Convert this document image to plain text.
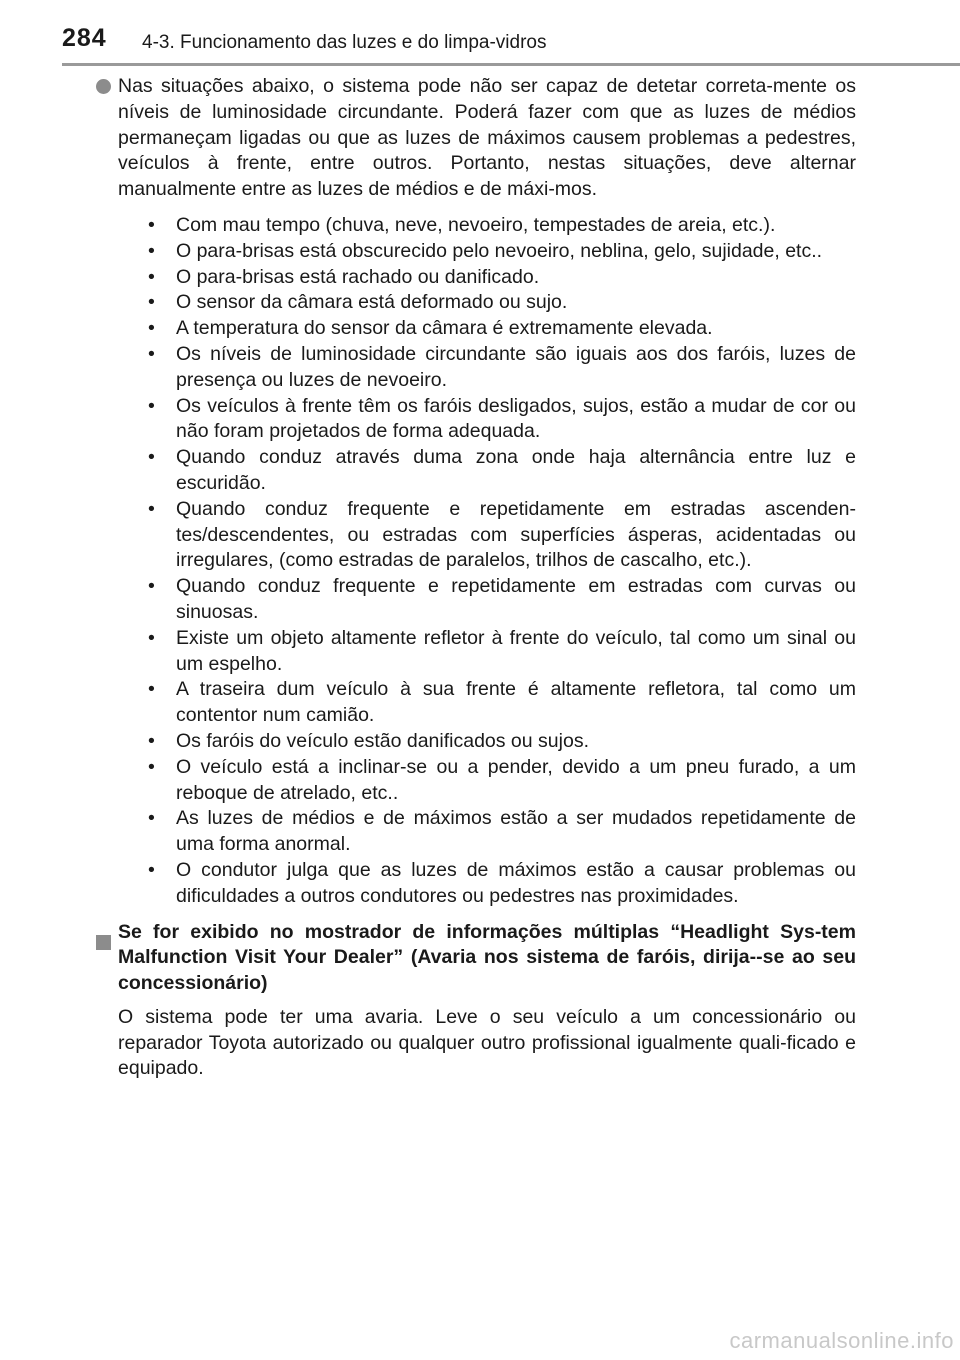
284 4-3. Funcionamento das luzes e do limpa-vidros

Nas situações abaixo, o sistema pode não ser capaz de detetar correta-mente os níveis de luminosidade circundante. Poderá fazer com que as luzes de médios permaneçam ligadas ou que as luzes de máximos causem problemas a pedestres, veículos à frente, entre outros. Portanto, nestas situações, deve alternar manualmente entre as luzes de médios e de máxi-mos.

• Com mau tempo (chuva, neve, nevoeiro, tempestades de areia, etc.).
• O para-brisas está obscurecido pelo nevoeiro, neblina, gelo, sujidade, etc..
• O para-brisas está rachado ou danificado.
• O sensor da câmara está deformado ou sujo.
• A temperatura do sensor da câmara é extremamente elevada.
• Os níveis de luminosidade circundante são iguais aos dos faróis, luzes de presença ou luzes de nevoeiro.
• Os veículos à frente têm os faróis desligados, sujos, estão a mudar de cor ou não foram projetados de forma adequada.
• Quando conduz através duma zona onde haja alternância entre luz e escuridão.
• Quando conduz frequente e repetidamente em estradas ascenden-tes/descendentes, ou estradas com superfícies ásperas, acidentadas ou irregulares, (como estradas de paralelos, trilhos de cascalho, etc.).
• Quando conduz frequente e repetidamente em estradas com curvas ou sinuosas.
• Existe um objeto altamente refletor à frente do veículo, tal como um sinal ou um espelho.
• A traseira dum veículo à sua frente é altamente refletora, tal como um contentor num camião.
• Os faróis do veículo estão danificados ou sujos.
• O veículo está a inclinar-se ou a pender, devido a um pneu furado, a um reboque de atrelado, etc..
• As luzes de médios e de máximos estão a ser mudados repetidamente de uma forma anormal.
• O condutor julga que as luzes de máximos estão a causar problemas ou dificuldades a outros condutores ou pedestres nas proximidades.

Se for exibido no mostrador de informações múltiplas “Headlight Sys-tem Malfunction Visit Your Dealer” (Avaria nos sistema de faróis, dirija--se ao seu concessionário)

O sistema pode ter uma avaria. Leve o seu veículo a um concessionário ou reparador Toyota autorizado ou qualquer outro profissional igualmente quali-ficado e equipado.

carmanualsonline.info
